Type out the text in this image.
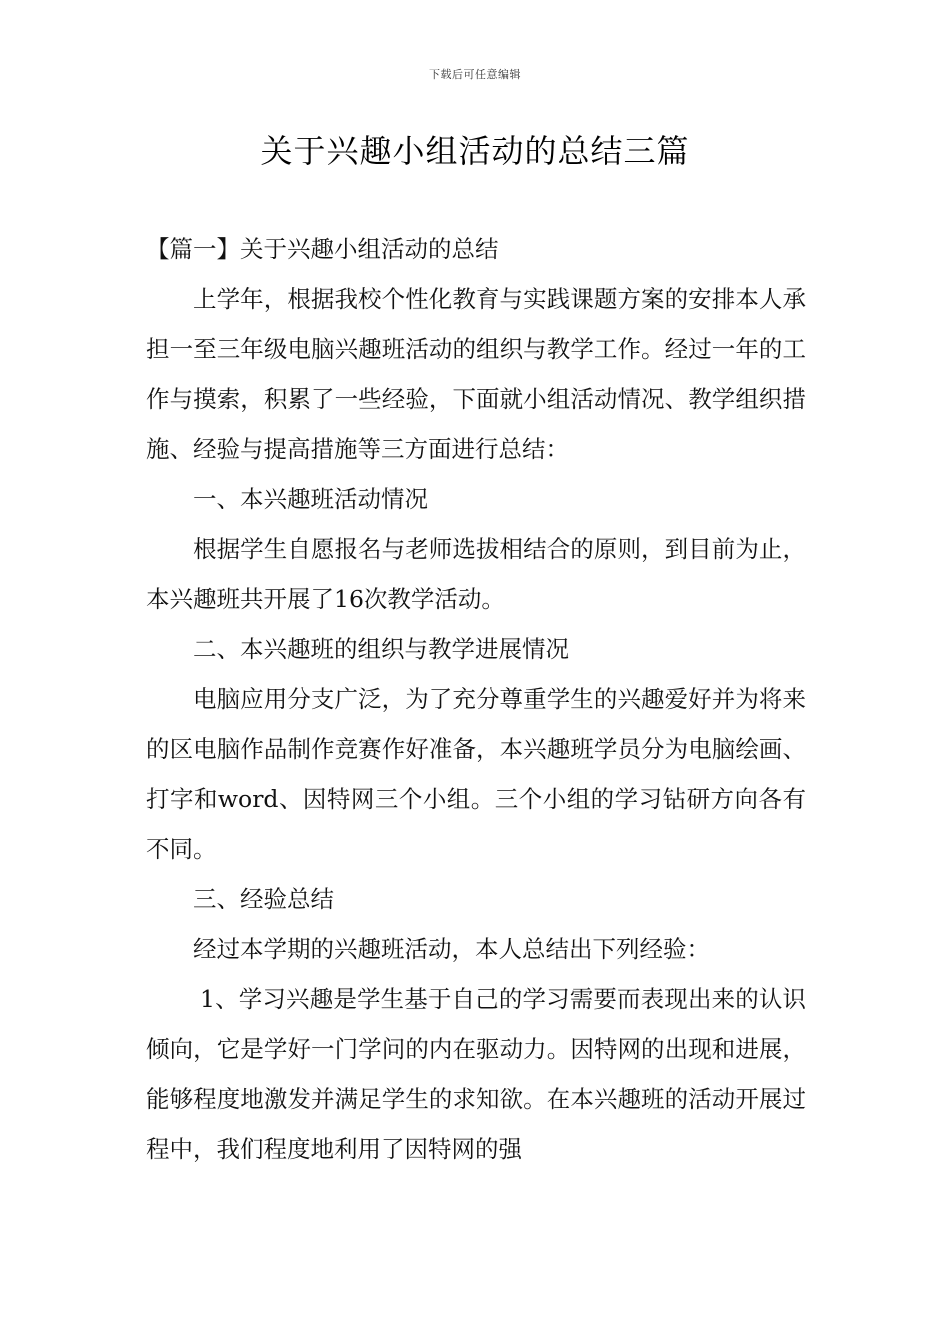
下载后可任意编辑
关于兴趣小组活动的总结三篇

【篇一】关于兴趣小组活动的总结

上学年，根据我校个性化教育与实践课题方案的安排本人承担一至三年级电脑兴趣班活动的组织与教学工作。经过一年的工作与摸索，积累了一些经验，下面就小组活动情况、教学组织措施、经验与提高措施等三方面进行总结：

一、本兴趣班活动情况

根据学生自愿报名与老师选拔相结合的原则，到目前为止，本兴趣班共开展了16次教学活动。

二、本兴趣班的组织与教学进展情况

电脑应用分支广泛，为了充分尊重学生的兴趣爱好并为将来的区电脑作品制作竞赛作好准备，本兴趣班学员分为电脑绘画、打字和word、因特网三个小组。三个小组的学习钻研方向各有不同。

三、经验总结

经过本学期的兴趣班活动，本人总结出下列经验：

1、学习兴趣是学生基于自己的学习需要而表现出来的认识倾向，它是学好一门学问的内在驱动力。因特网的出现和进展，能够程度地激发并满足学生的求知欲。在本兴趣班的活动开展过程中，我们程度地利用了因特网的强
